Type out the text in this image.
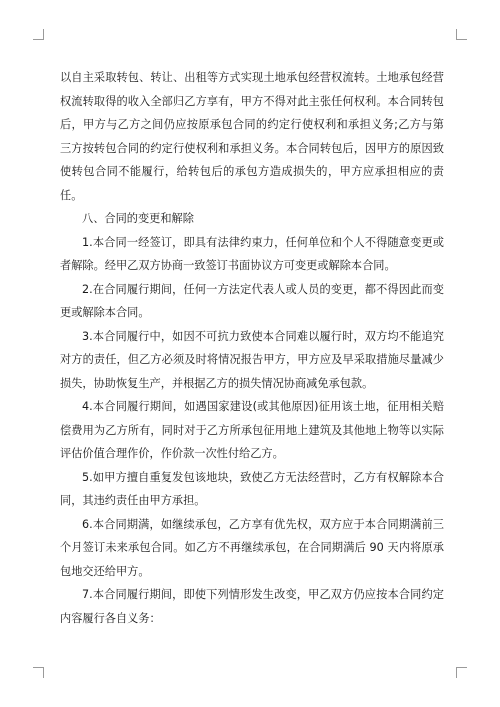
以自主采取转包、转让、出租等方式实现土地承包经营权流转。土地承包经营权流转取得的收入全部归乙方享有，甲方不得对此主张任何权利。本合同转包后，甲方与乙方之间仍应按原承包合同的约定行使权利和承担义务;乙方与第三方按转包合同的约定行使权利和承担义务。本合同转包后，因甲方的原因致使转包合同不能履行，给转包后的承包方造成损失的，甲方应承担相应的责任。

八、合同的变更和解除

1.本合同一经签订，即具有法律约束力，任何单位和个人不得随意变更或者解除。经甲乙双方协商一致签订书面协议方可变更或解除本合同。

2.在合同履行期间，任何一方法定代表人或人员的变更，都不得因此而变更或解除本合同。

3.本合同履行中，如因不可抗力致使本合同难以履行时，双方均不能追究对方的责任，但乙方必须及时将情况报告甲方，甲方应及早采取措施尽量减少损失，协助恢复生产，并根据乙方的损失情况协商减免承包款。

4.本合同履行期间，如遇国家建设(或其他原因)征用该土地，征用相关赔偿费用为乙方所有，同时对于乙方所承包征用地上建筑及其他地上物等以实际评估价值合理作价，作价款一次性付给乙方。

5.如甲方擅自重复发包该地块，致使乙方无法经营时，乙方有权解除本合同，其违约责任由甲方承担。

6.本合同期满，如继续承包，乙方享有优先权，双方应于本合同期满前三个月签订未来承包合同。如乙方不再继续承包，在合同期满后 90 天内将原承包地交还给甲方。

7.本合同履行期间，即使下列情形发生改变，甲乙双方仍应按本合同约定内容履行各自义务：
